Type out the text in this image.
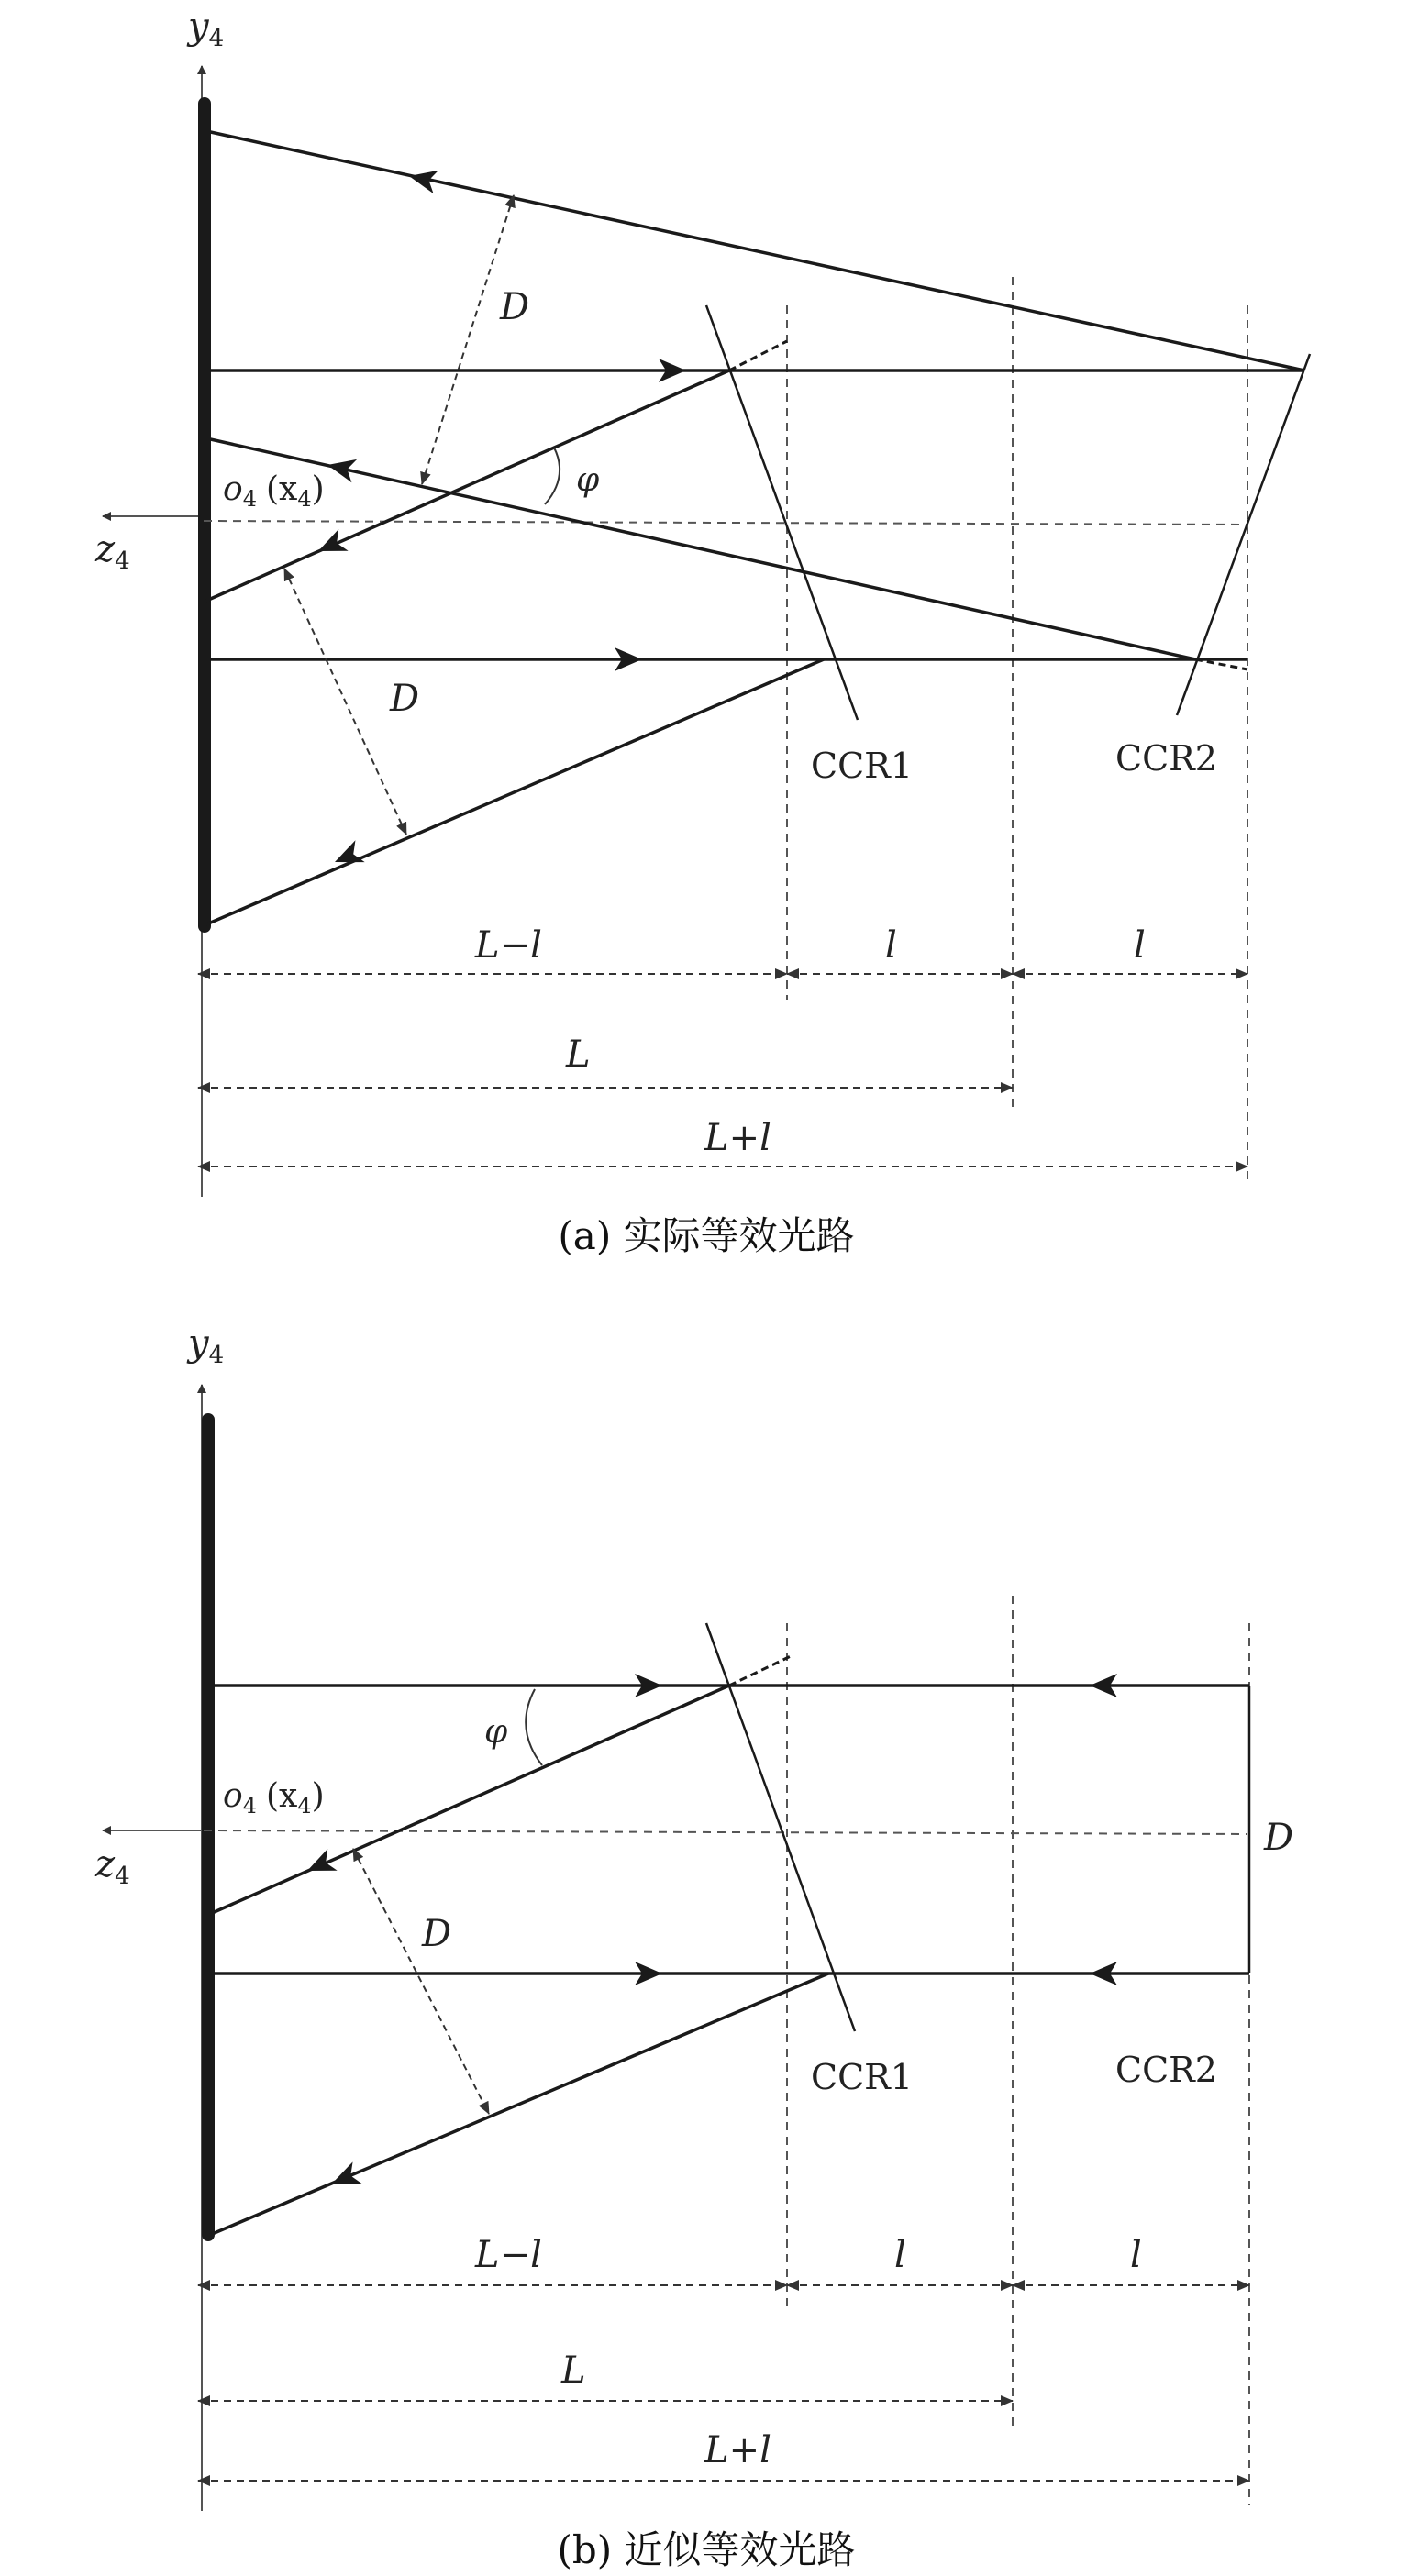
$y_4$
$z_4$
o4 (x4)
D
D
φ
CCR1	CCR2
L−l	l	l
L
L+l
(a) 实际等效光路
$y_4$
$z_4$
o4 (x4)
D
D
φ
CCR1	CCR2
L−l	l	l
L
L+l
(b) 近似等效光路
